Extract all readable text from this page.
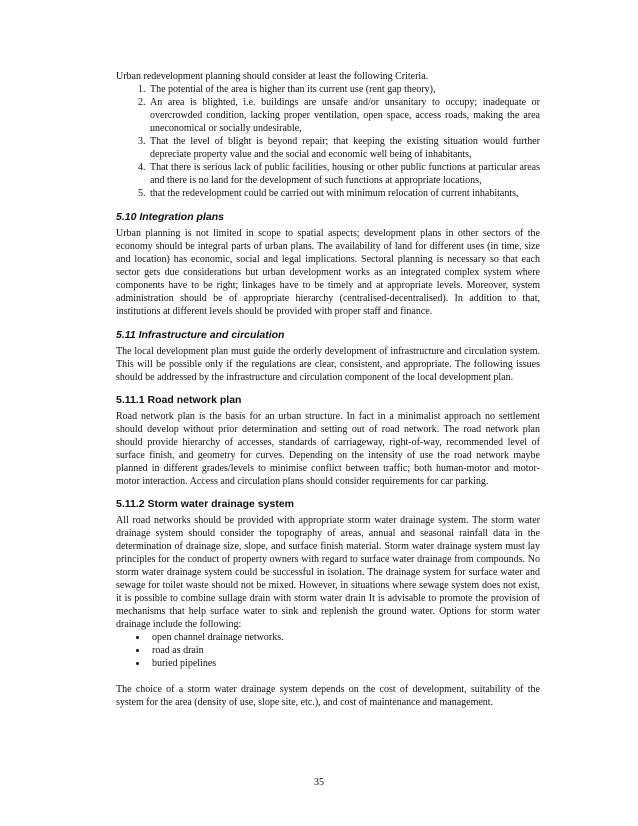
Urban redevelopment planning should consider at least the following Criteria.

1. The potential of the area is higher than its current use (rent gap theory),
2. An area is blighted, i.e. buildings are unsafe and/or unsanitary to occupy; inadequate or overcrowded condition, lacking proper ventilation, open space, access roads, making the area uneconomical or socially undesirable,
3. That the level of blight is beyond repair; that keeping the existing situation would further depreciate property value and the social and economic well being of inhabitants,
4. That there is serious lack of public facilities, housing or other public functions at particular areas and there is no land for the development of such functions at appropriate locations,
5. that the redevelopment could be carried out with minimum relocation of current inhabitants,
5.10 Integration plans

Urban planning is not limited in scope to spatial aspects; development plans in other sectors of the economy should be integral parts of urban plans. The availability of land for different uses (in time, size and location) has economic, social and legal implications. Sectoral planning is necessary so that each sector gets due considerations but urban development works as an integrated complex system where components have to be right; linkages have to be timely and at appropriate levels. Moreover, system administration should be of appropriate hierarchy (centralised-decentralised). In addition to that, institutions at different levels should be provided with proper staff and finance.

5.11 Infrastructure and circulation

The local development plan must guide the orderly development of infrastructure and circulation system. This will be possible only if the regulations are clear, consistent, and appropriate. The following issues should be addressed by the infrastructure and circulation component of the local development plan.

5.11.1 Road network plan

Road network plan is the basis for an urban structure. In fact in a minimalist approach no settlement should develop without prior determination and setting out of road network. The road network plan should provide hierarchy of accesses, standards of carriageway, right-of-way, recommended level of surface finish, and geometry for curves. Depending on the intensity of use the road network maybe planned in different grades/levels to minimise conflict between traffic; both human-motor and motor-motor interaction. Access and circulation plans should consider requirements for car parking.

5.11.2 Storm water drainage system

All road networks should be provided with appropriate storm water drainage system. The storm water drainage system should consider the topography of areas, annual and seasonal rainfall data in the determination of drainage size, slope, and surface finish material. Storm water drainage system must lay principles for the conduct of property owners with regard to surface water drainage from compounds. No storm water drainage system could be successful in isolation. The drainage system for surface water and sewage for toilet waste should not be mixed. However, in situations where sewage system does not exist, it is possible to combine sullage drain with storm water drain It is advisable to promote the provision of mechanisms that help surface water to sink and replenish the ground water. Options for storm water drainage include the following:

• open channel drainage networks.
• road as drain
• buried pipelines

The choice of a storm water drainage system depends on the cost of development, suitability of the system for the area (density of use, slope site, etc.), and cost of maintenance and management.

35
